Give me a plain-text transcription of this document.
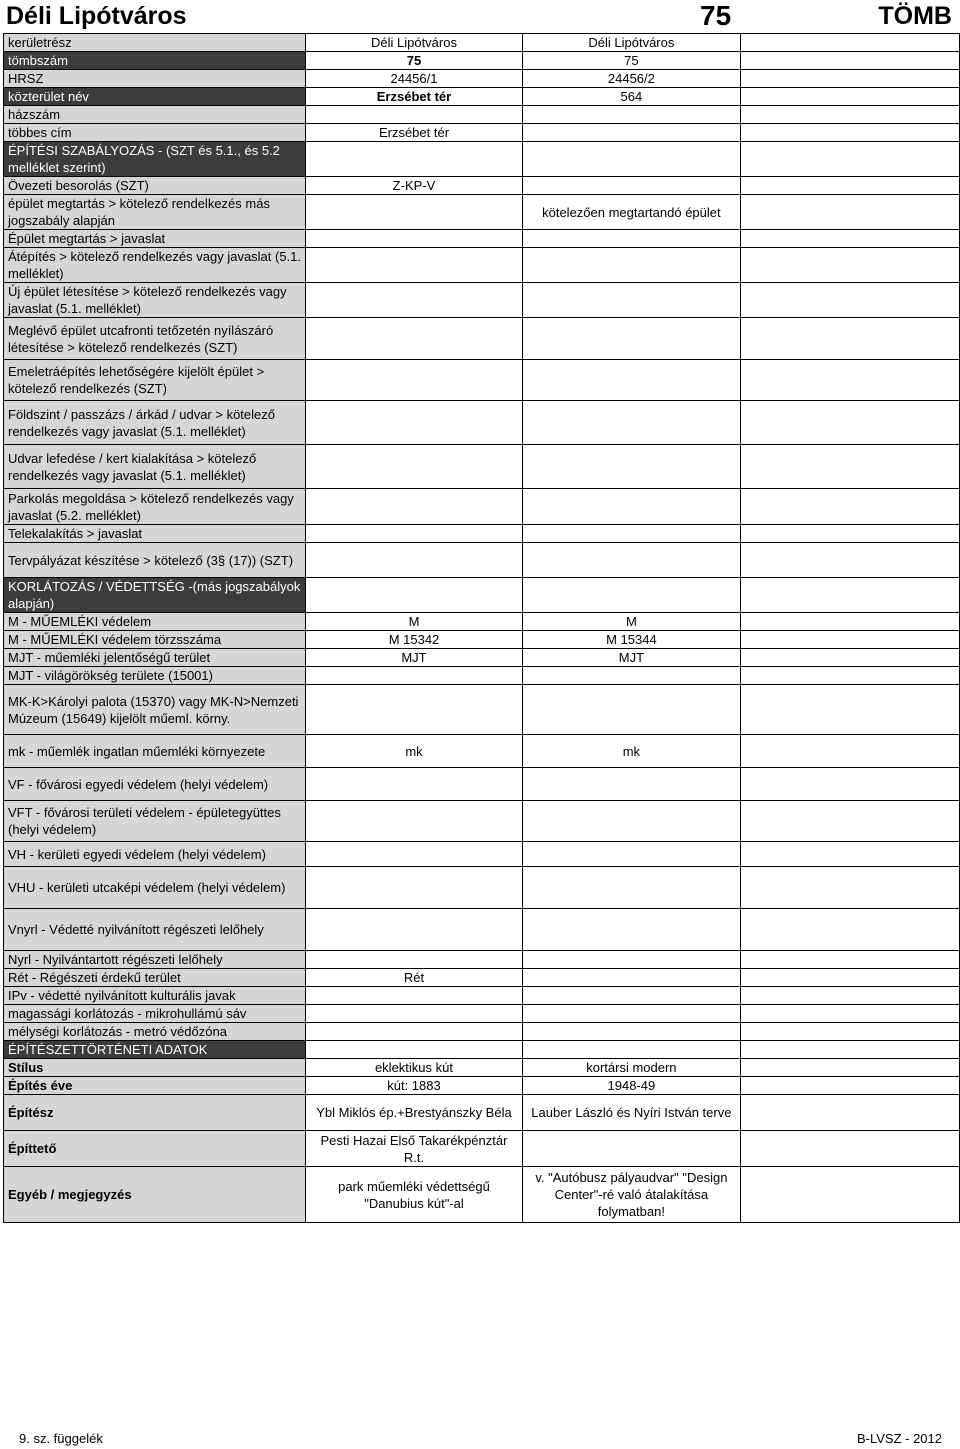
Déli Lipótváros	75	TÖMB
kerületrész	Déli Lipótváros	Déli Lipótváros	
tömbszám	75	75	
HRSZ	24456/1	24456/2	
közterület név	Erzsébet tér	564	
házszám			
többes cím	Erzsébet tér		
ÉPÍTÉSI SZABÁLYOZÁS - (SZT és 5.1., és 5.2 melléklet szerint)			
Övezeti besorolás (SZT)	Z-KP-V		
épület megtartás > kötelező rendelkezés más jogszabály alapján		kötelezően megtartandó épület	
Épület megtartás > javaslat			
Átépítés > kötelező rendelkezés vagy javaslat (5.1. melléklet)			
Új épület létesítése > kötelező rendelkezés vagy javaslat (5.1. melléklet)			
Meglévő épület utcafronti tetőzetén nyílászáró létesítése > kötelező rendelkezés (SZT)			
Emeletráépítés lehetőségére kijelölt épület > kötelező rendelkezés (SZT)			
Földszint / passzázs / árkád / udvar > kötelező rendelkezés vagy javaslat (5.1. melléklet)			
Udvar lefedése / kert kialakítása > kötelező rendelkezés vagy javaslat (5.1. melléklet)			
Parkolás megoldása > kötelező rendelkezés vagy javaslat (5.2. melléklet)			
Telekalakítás > javaslat			
Tervpályázat készítése > kötelező (3§ (17)) (SZT)			
KORLÁTOZÁS / VÉDETTSÉG -(más jogszabályok alapján)			
M - MŰEMLÉKI védelem	M	M	
M - MŰEMLÉKI védelem törzsszáma	M 15342	M 15344	
MJT - műemléki jelentőségű terület	MJT	MJT	
MJT - világörökség területe (15001)			
MK-K>Károlyi palota (15370) vagy MK-N>Nemzeti Múzeum (15649) kijelölt műeml. körny.			
mk - műemlék ingatlan műemléki környezete	mk	mk	
VF - fővárosi egyedi védelem (helyi védelem)			
VFT - fővárosi területi védelem - épületegyüttes (helyi védelem)			
VH - kerületi egyedi védelem (helyi védelem)			
VHU - kerületi utcaképi védelem (helyi védelem)			
Vnyrl - Védetté nyilvánított régészeti lelőhely			
Nyrl - Nyilvántartott régészeti lelőhely			
Rét - Régészeti érdekű terület	Rét		
IPv - védetté nyilvánított kulturális javak			
magassági korlátozás - mikrohullámú sáv			
mélységi korlátozás - metró védőzóna			
ÉPÍTÉSZETTÖRTÉNETI ADATOK			
Stílus	eklektikus kút	kortársi modern	
Építés éve	kút: 1883	1948-49	
Építész	Ybl Miklós ép.+Brestyánszky Béla	Lauber László és Nyíri István terve	
Építtető	Pesti Hazai Első Takarékpénztár R.t.		
Egyéb / megjegyzés	park műemléki védettségű "Danubius kút"-al	v. "Autóbusz pályaudvar" "Design Center"-ré való átalakítása folymatban!	
9. sz. függelék	B-LVSZ - 2012
